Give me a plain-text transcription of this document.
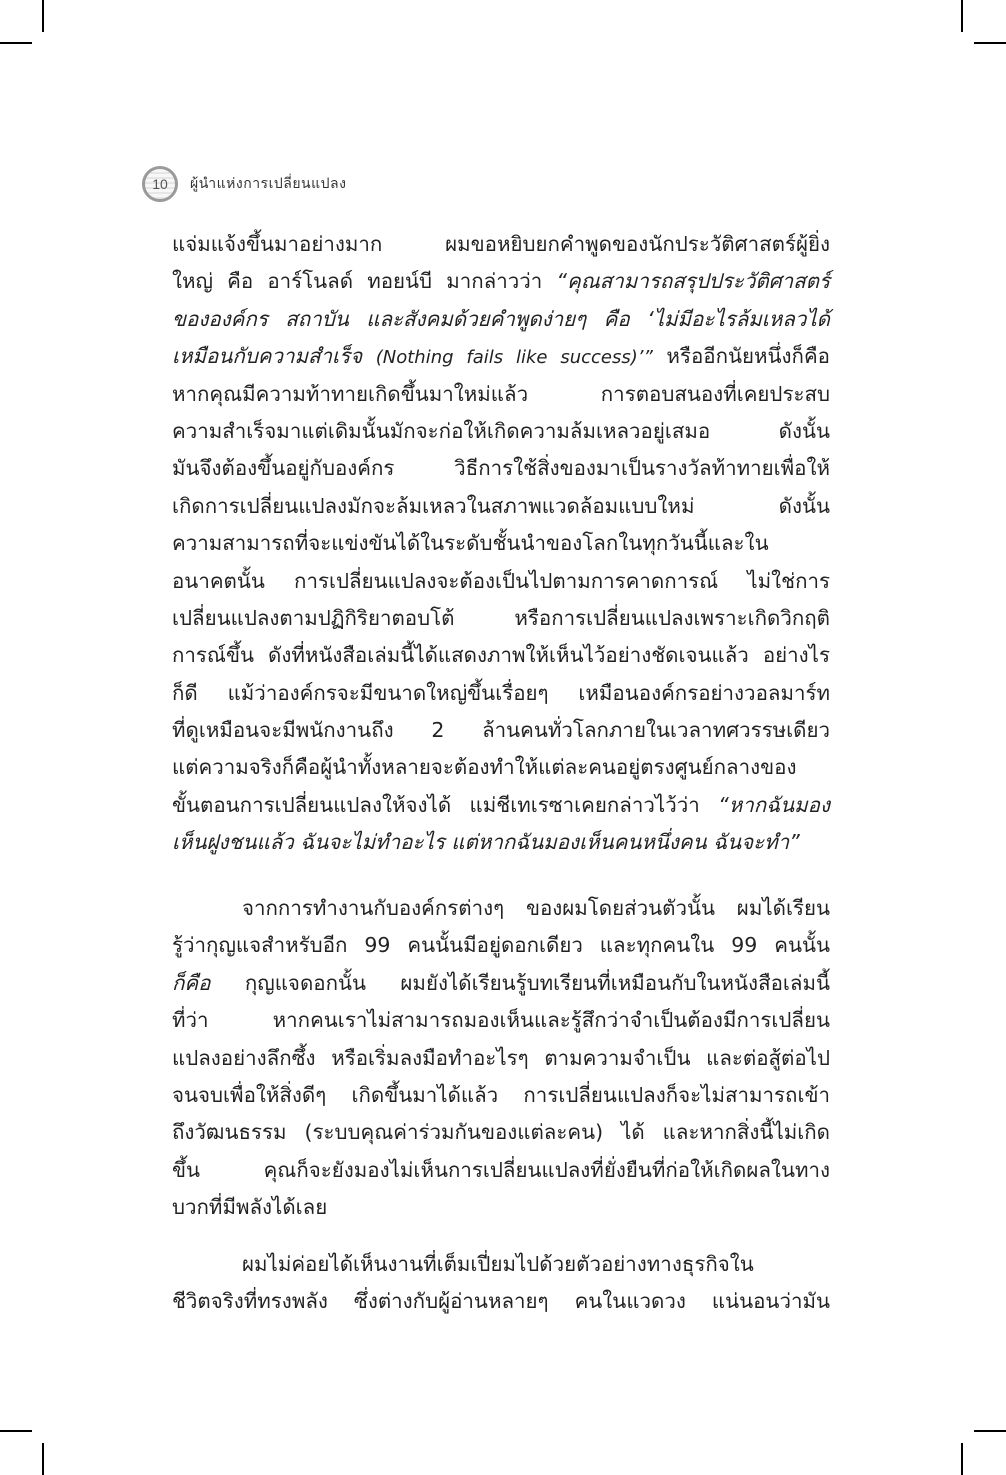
10 ผู้นำแห่งการเปลี่ยนแปลง
แจ่มแจ้งขึ้นมาอย่างมาก ผมขอหยิบยกคำพูดของนักประวัติศาสตร์ผู้ยิ่ง
ใหญ่ คือ อาร์โนลด์ ทอยน์บี มากล่าวว่า “คุณสามารถสรุปประวัติศาสตร์
ขององค์กร สถาบัน และสังคมด้วยคำพูดง่ายๆ คือ ‘ไม่มีอะไรล้มเหลวได้
เหมือนกับความสำเร็จ (Nothing fails like success)’” หรืออีกนัยหนึ่งก็คือ
หากคุณมีความท้าทายเกิดขึ้นมาใหม่แล้ว การตอบสนองที่เคยประสบ
ความสำเร็จมาแต่เดิมนั้นมักจะก่อให้เกิดความล้มเหลวอยู่เสมอ ดังนั้น
มันจึงต้องขึ้นอยู่กับองค์กร วิธีการใช้สิ่งของมาเป็นรางวัลท้าทายเพื่อให้
เกิดการเปลี่ยนแปลงมักจะล้มเหลวในสภาพแวดล้อมแบบใหม่ ดังนั้น
ความสามารถที่จะแข่งขันได้ในระดับชั้นนำของโลกในทุกวันนี้และใน
อนาคตนั้น การเปลี่ยนแปลงจะต้องเป็นไปตามการคาดการณ์ ไม่ใช่การ
เปลี่ยนแปลงตามปฏิกิริยาตอบโต้ หรือการเปลี่ยนแปลงเพราะเกิดวิกฤติ
การณ์ขึ้น ดังที่หนังสือเล่มนี้ได้แสดงภาพให้เห็นไว้อย่างชัดเจนแล้ว อย่างไร
ก็ดี แม้ว่าองค์กรจะมีขนาดใหญ่ขึ้นเรื่อยๆ เหมือนองค์กรอย่างวอลมาร์ท
ที่ดูเหมือนจะมีพนักงานถึง 2 ล้านคนทั่วโลกภายในเวลาทศวรรษเดียว
แต่ความจริงก็คือผู้นำทั้งหลายจะต้องทำให้แต่ละคนอยู่ตรงศูนย์กลางของ
ขั้นตอนการเปลี่ยนแปลงให้จงได้ แม่ชีเทเรซาเคยกล่าวไว้ว่า “หากฉันมอง
เห็นฝูงชนแล้ว ฉันจะไม่ทำอะไร แต่หากฉันมองเห็นคนหนึ่งคน ฉันจะทำ”
จากการทำงานกับองค์กรต่างๆ ของผมโดยส่วนตัวนั้น ผมได้เรียน
รู้ว่ากุญแจสำหรับอีก 99 คนนั้นมีอยู่ดอกเดียว และทุกคนใน 99 คนนั้น
ก็คือ กุญแจดอกนั้น ผมยังได้เรียนรู้บทเรียนที่เหมือนกับในหนังสือเล่มนี้
ที่ว่า หากคนเราไม่สามารถมองเห็นและรู้สึกว่าจำเป็นต้องมีการเปลี่ยน
แปลงอย่างลึกซึ้ง หรือเริ่มลงมือทำอะไรๆ ตามความจำเป็น และต่อสู้ต่อไป
จนจบเพื่อให้สิ่งดีๆ เกิดขึ้นมาได้แล้ว การเปลี่ยนแปลงก็จะไม่สามารถเข้า
ถึงวัฒนธรรม (ระบบคุณค่าร่วมกันของแต่ละคน) ได้ และหากสิ่งนี้ไม่เกิด
ขึ้น คุณก็จะยังมองไม่เห็นการเปลี่ยนแปลงที่ยั่งยืนที่ก่อให้เกิดผลในทาง
บวกที่มีพลังได้เลย
ผมไม่ค่อยได้เห็นงานที่เต็มเปี่ยมไปด้วยตัวอย่างทางธุรกิจใน
ชีวิตจริงที่ทรงพลัง ซึ่งต่างกับผู้อ่านหลายๆ คนในแวดวง แน่นอนว่ามัน
